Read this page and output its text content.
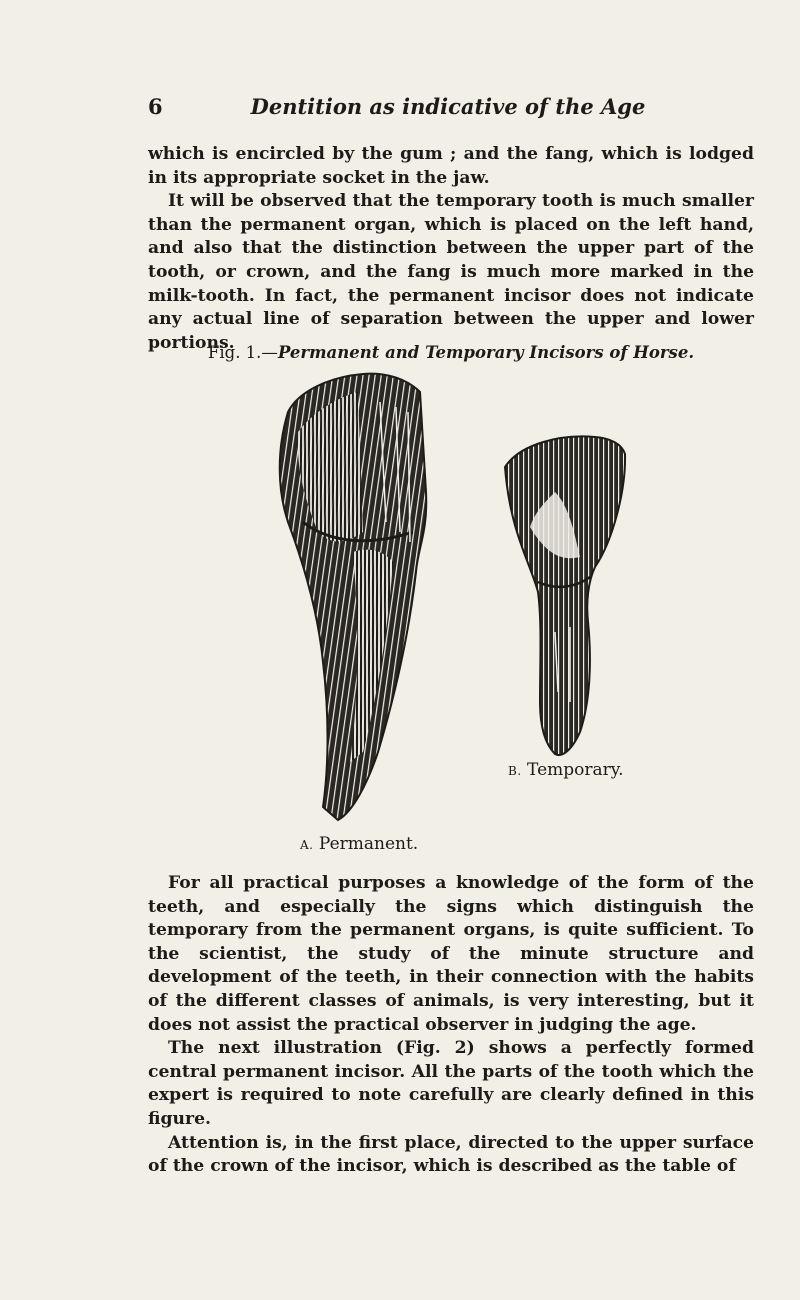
6	Dentition as indicative of the Age
which is encircled by the gum ; and the fang, which is lodged in its appropriate socket in the jaw.
It will be observed that the temporary tooth is much smaller than the permanent organ, which is placed on the left hand, and also that the distinction between the upper part of the tooth, or crown, and the fang is much more marked in the milk-tooth. In fact, the permanent incisor does not indicate any actual line of separation between the upper and lower portions.
Fig. 1.—Permanent and Temporary Incisors of Horse.
B. Temporary.
A. Permanent.
For all practical purposes a knowledge of the form of the teeth, and especially the signs which distinguish the temporary from the permanent organs, is quite sufficient. To the scientist, the study of the minute structure and development of the teeth, in their connection with the habits of the different classes of animals, is very interesting, but it does not assist the practical observer in judging the age.
The next illustration (Fig. 2) shows a perfectly formed central permanent incisor. All the parts of the tooth which the expert is required to note carefully are clearly defined in this figure.
Attention is, in the first place, directed to the upper surface of the crown of the incisor, which is described as the table of
